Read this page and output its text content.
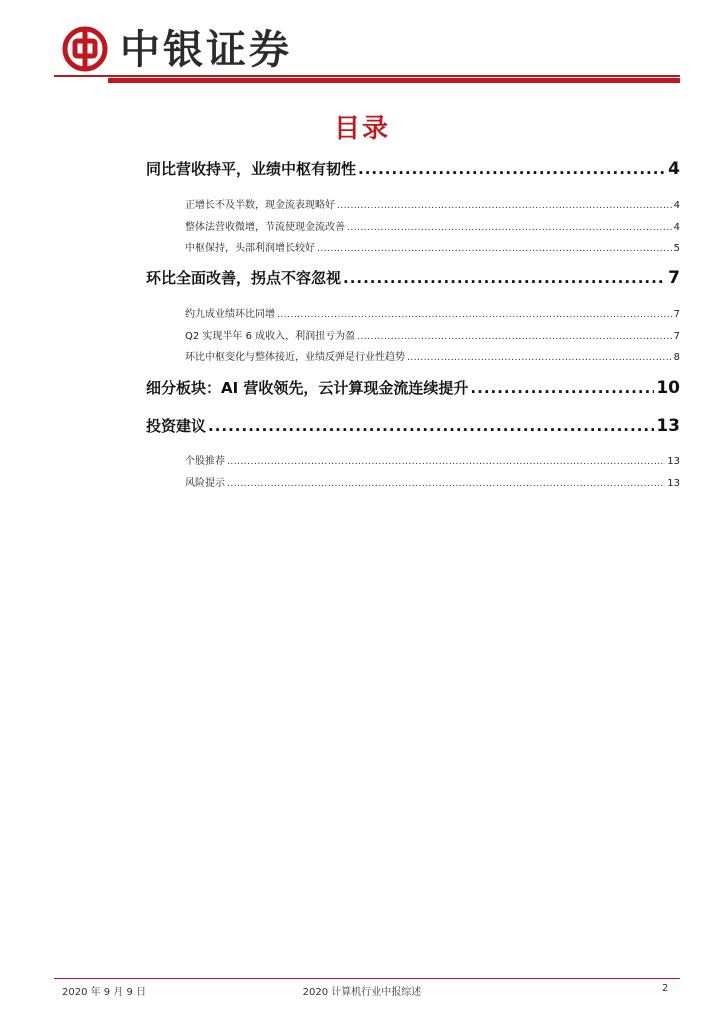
中银证券
目录
同比营收持平，业绩中枢有韧性 .....	4
正增长不及半数，现金流表现略好 .....	4
整体法营收微增，节流使现金流改善 .....	4
中枢保持，头部利润增长较好 .....	5
环比全面改善，拐点不容忽视 .....	7
约九成业绩环比同增 .....	7
Q2 实现半年 6 成收入，利润扭亏为盈 .....	7
环比中枢变化与整体接近，业绩反弹是行业性趋势 .....	8
细分板块：AI 营收领先，云计算现金流连续提升 .....	10
投资建议 .....	13
个股推荐 .....	13
风险提示 .....	13
2020 年 9 月 9 日	2020 计算机行业中报综述	2
